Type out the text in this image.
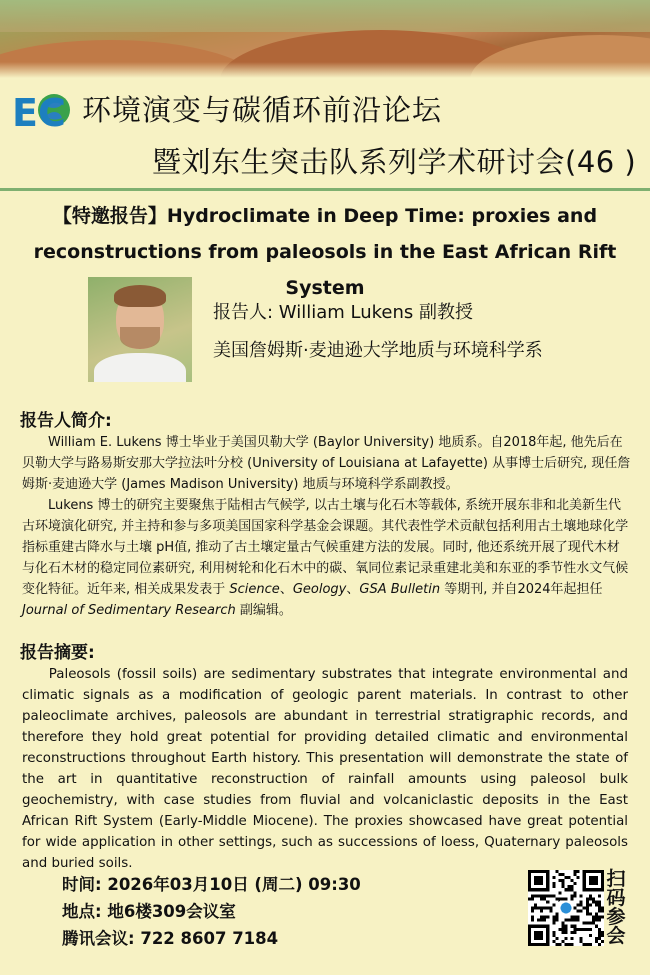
EC 环境演变与碳循环前沿论坛
暨刘东生突击队系列学术研讨会(46 )
【特邀报告】Hydroclimate in Deep Time: proxies and
reconstructions from paleosols in the East African Rift System
报告人: William Lukens 副教授
美国詹姆斯·麦迪逊大学地质与环境科学系
报告人简介:

William E. Lukens 博士毕业于美国贝勒大学 (Baylor University) 地质系。自2018年起, 他先后在贝勒大学与路易斯安那大学拉法叶分校 (University of Louisiana at Lafayette) 从事博士后研究, 现任詹姆斯·麦迪逊大学 (James Madison University) 地质与环境科学系副教授。

Lukens 博士的研究主要聚焦于陆相古气候学, 以古土壤与化石木等载体, 系统开展东非和北美新生代古环境演化研究, 并主持和参与多项美国国家科学基金会课题。其代表性学术贡献包括利用古土壤地球化学指标重建古降水与土壤 pH值, 推动了古土壤定量古气候重建方法的发展。同时, 他还系统开展了现代木材与化石木材的稳定同位素研究, 利用树轮和化石木中的碳、氧同位素记录重建北美和东亚的季节性水文气候变化特征。近年来, 相关成果发表于 Science、Geology、GSA Bulletin 等期刊, 并自2024年起担任 Journal of Sedimentary Research 副编辑。

报告摘要:

Paleosols (fossil soils) are sedimentary substrates that integrate environmental and climatic signals as a modification of geologic parent materials. In contrast to other paleoclimate archives, paleosols are abundant in terrestrial stratigraphic records, and therefore they hold great potential for providing detailed climatic and environmental reconstructions throughout Earth history. This presentation will demonstrate the state of the art in quantitative reconstruction of rainfall amounts using paleosol bulk geochemistry, with case studies from fluvial and volcaniclastic deposits in the East African Rift System (Early-Middle Miocene). The proxies showcased have great potential for wide application in other settings, such as successions of loess, Quaternary paleosols and buried soils.

时间: 2026年03月10日 (周二) 09:30
地点: 地6楼309会议室
腾讯会议: 722 8607 7184
扫
码
参
会
